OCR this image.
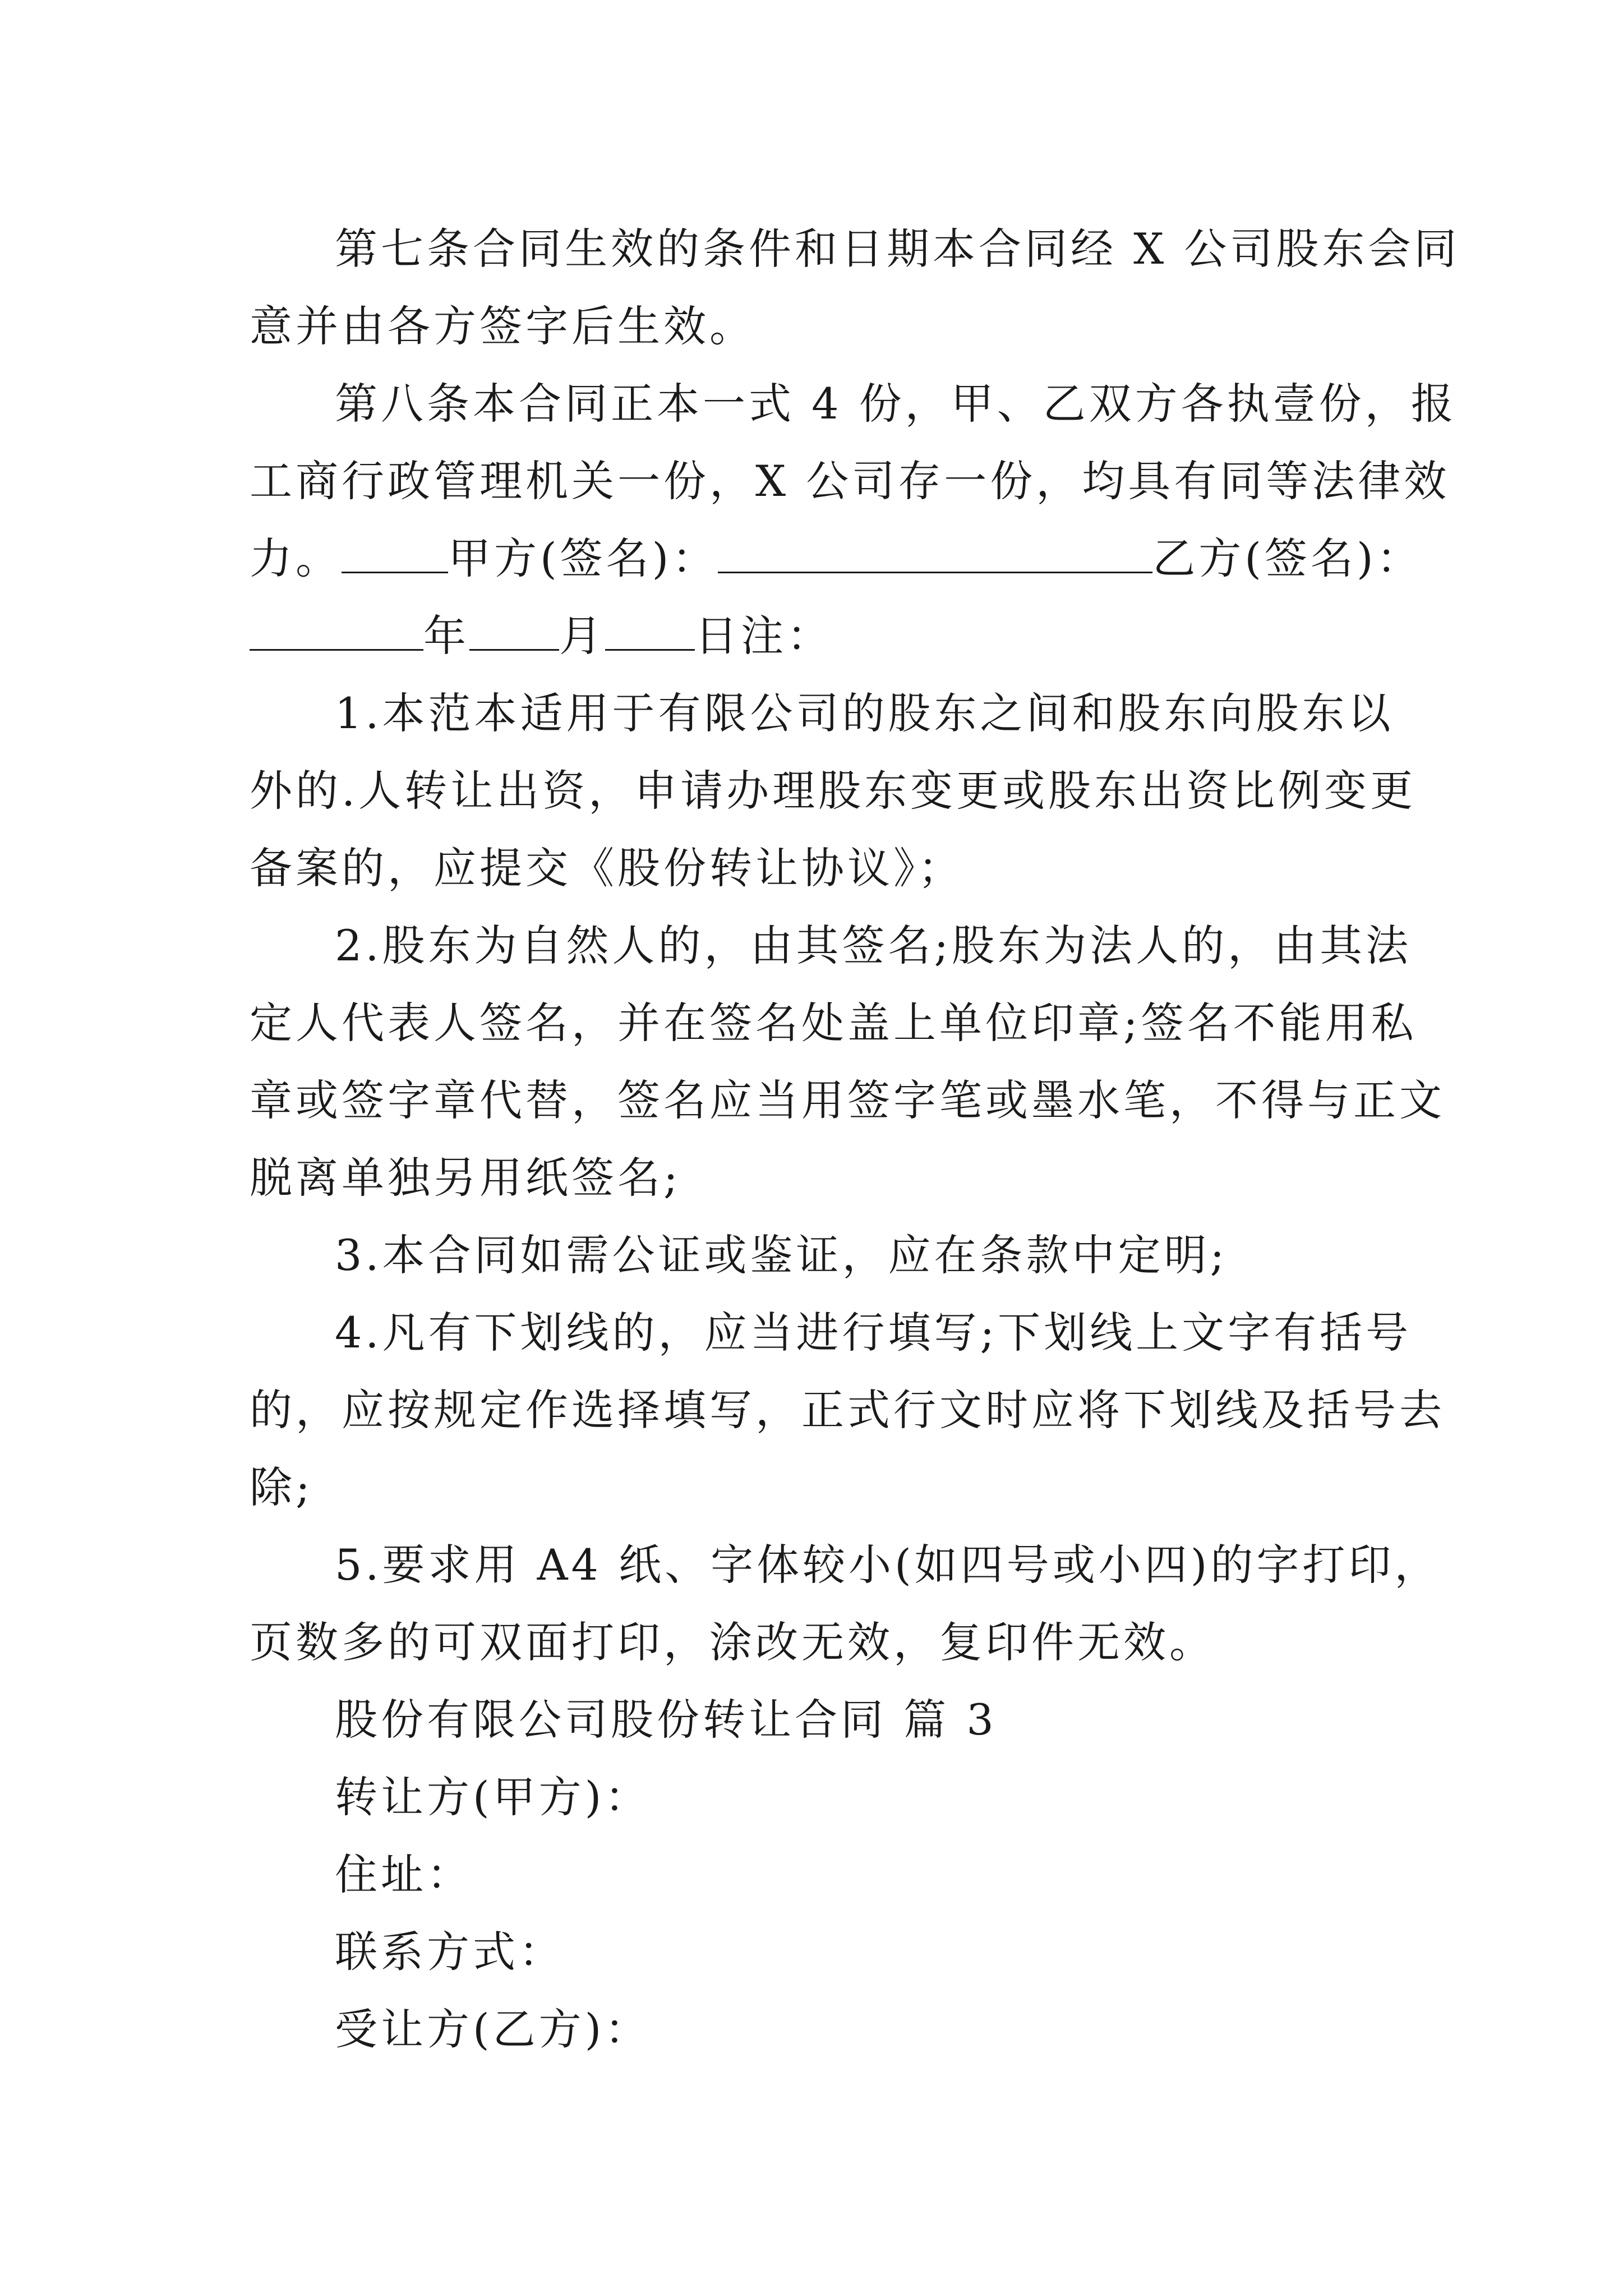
第七条合同生效的条件和日期本合同经 X 公司股东会同
意并由各方签字后生效。
第八条本合同正本一式 4 份，甲、乙双方各执壹份，报
工商行政管理机关一份，X 公司存一份，均具有同等法律效
力。	甲方(签名)：	乙方(签名)：
年 月 日注：
1.本范本适用于有限公司的股东之间和股东向股东以
外的.人转让出资，申请办理股东变更或股东出资比例变更
备案的，应提交《股份转让协议》；
2.股东为自然人的，由其签名;股东为法人的，由其法
定人代表人签名，并在签名处盖上单位印章;签名不能用私
章或签字章代替，签名应当用签字笔或墨水笔，不得与正文
脱离单独另用纸签名;
3.本合同如需公证或鉴证，应在条款中定明;
4.凡有下划线的，应当进行填写;下划线上文字有括号
的，应按规定作选择填写，正式行文时应将下划线及括号去
除;
5.要求用 A4 纸、字体较小(如四号或小四)的字打印，
页数多的可双面打印，涂改无效，复印件无效。
股份有限公司股份转让合同 篇 3
转让方(甲方)：
住址：
联系方式：
受让方(乙方)：
